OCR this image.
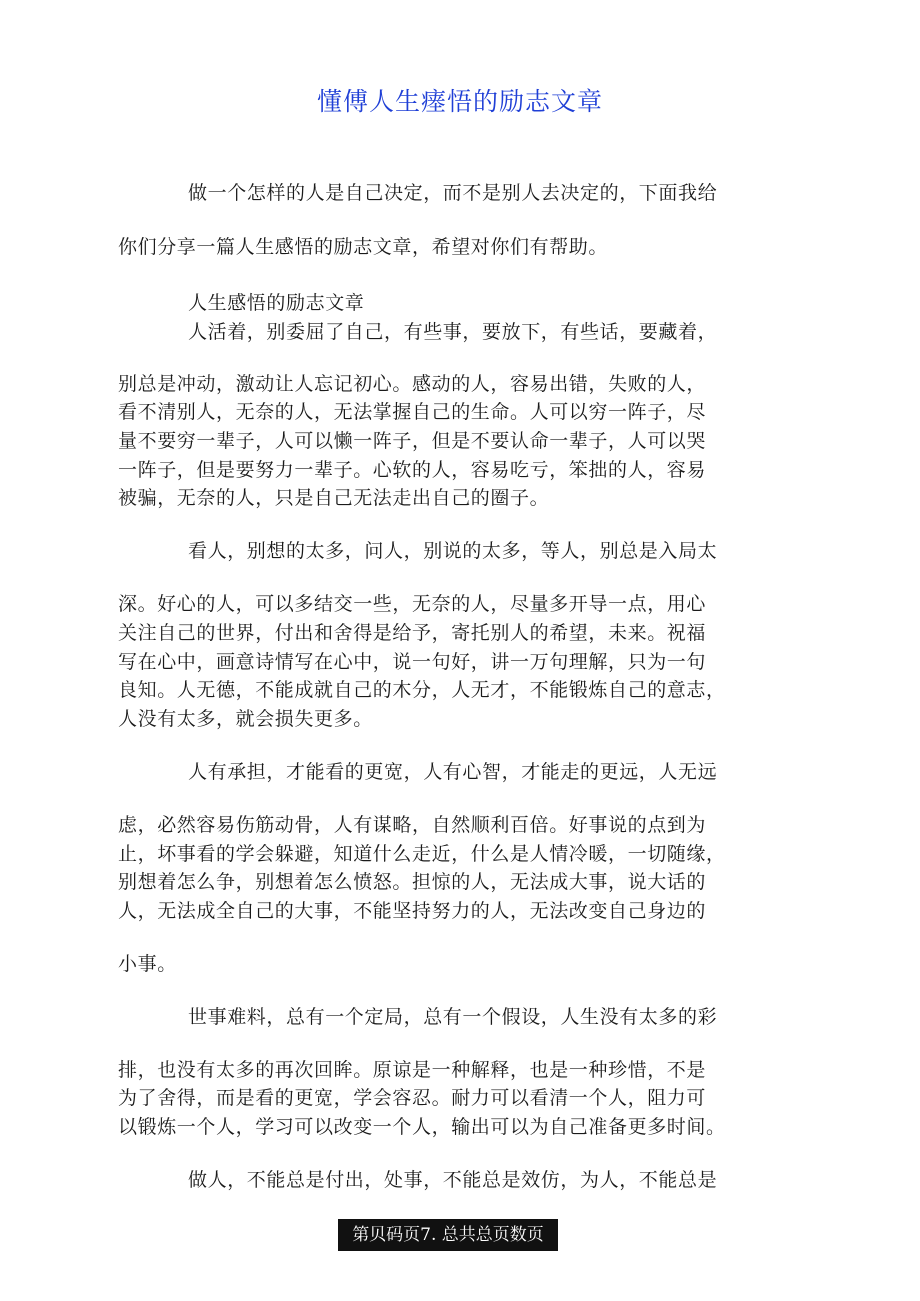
懂傅人生瘗悟的励志文章
做一个怎样的人是自己决定，而不是别人去决定的，下面我给
你们分享一篇人生感悟的励志文章，希望对你们有帮助。
人生感悟的励志文章
人活着，别委屈了自己，有些事，要放下，有些话，要藏着，
别总是冲动，激动让人忘记初心。感动的人，容易出错，失败的人，
看不清别人，无奈的人，无法掌握自己的生命。人可以穷一阵子，尽
量不要穷一辈子，人可以懒一阵子，但是不要认命一辈子，人可以哭
一阵子，但是要努力一辈子。心软的人，容易吃亏，笨拙的人，容易
被骗，无奈的人，只是自己无法走出自己的圈子。
看人，别想的太多，问人，别说的太多，等人，别总是入局太
深。好心的人，可以多结交一些，无奈的人，尽量多开导一点，用心
关注自己的世界，付出和舍得是给予，寄托别人的希望，未来。祝福
写在心中，画意诗情写在心中，说一句好，讲一万句理解，只为一句
良知。人无德，不能成就自己的木分，人无才，不能锻炼自己的意志，
人没有太多，就会损失更多。
人有承担，才能看的更宽，人有心智，才能走的更远，人无远
虑，必然容易伤筋动骨，人有谋略，自然顺利百倍。好事说的点到为
止，坏事看的学会躲避，知道什么走近，什么是人情冷暖，一切随缘，
别想着怎么争，别想着怎么愤怒。担惊的人，无法成大事，说大话的
人，无法成全自己的大事，不能坚持努力的人，无法改变自己身边的
小事。
世事难料，总有一个定局，总有一个假设，人生没有太多的彩
排，也没有太多的再次回眸。原谅是一种解释，也是一种珍惜，不是
为了舍得，而是看的更宽，学会容忍。耐力可以看清一个人，阻力可
以锻炼一个人，学习可以改变一个人，输出可以为自己准备更多时间。
做人，不能总是付出，处事，不能总是效仿，为人，不能总是
第贝码页7. 总共总页数页
